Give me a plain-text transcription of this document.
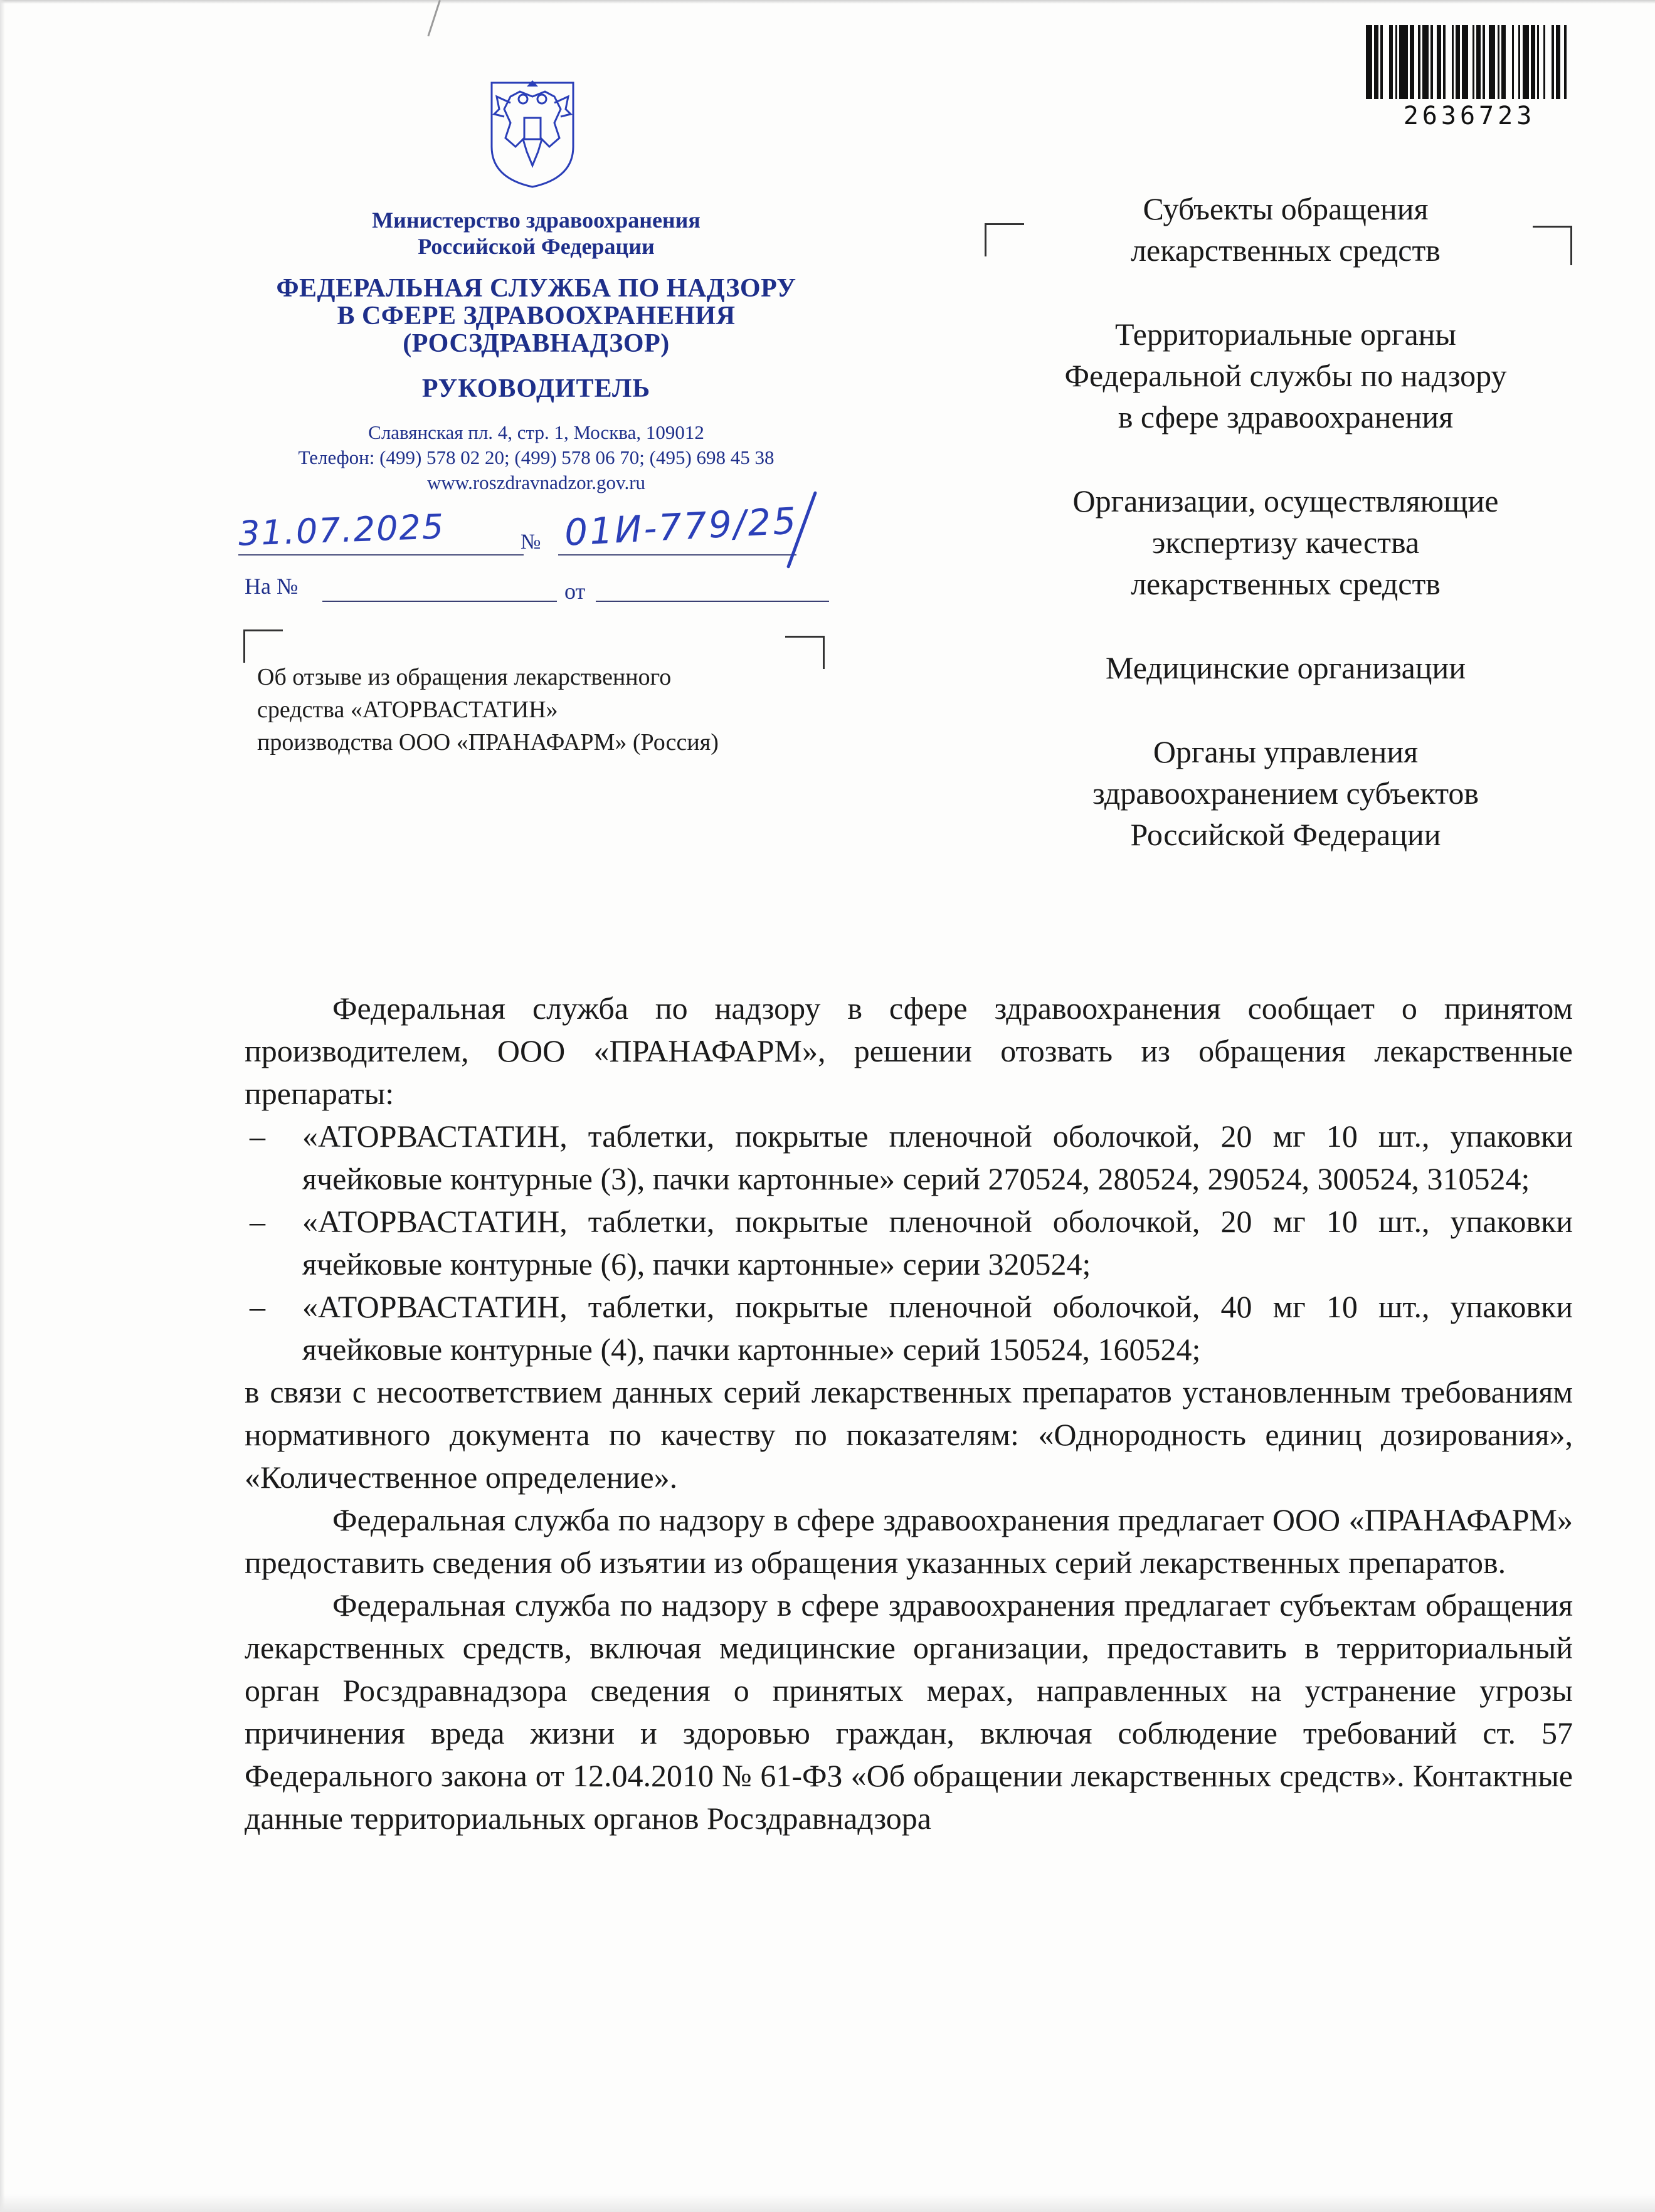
2636723
Министерство здравоохранения
Российской Федерации
ФЕДЕРАЛЬНАЯ СЛУЖБА ПО НАДЗОРУ
В СФЕРЕ ЗДРАВООХРАНЕНИЯ
(РОСЗДРАВНАДЗОР)
РУКОВОДИТЕЛЬ
Славянская пл. 4, стр. 1, Москва, 109012
Телефон: (499) 578 02 20; (499) 578 06 70; (495) 698 45 38
www.roszdravnadzor.gov.ru
31.07.2025	№ 01И-779/25
На №	от
Об отзыве из обращения лекарственного
средства «АТОРВАСТАТИН»
производства ООО «ПРАНАФАРМ» (Россия)
Субъекты обращения
лекарственных средств
Территориальные органы
Федеральной службы по надзору
в сфере здравоохранения
Организации, осуществляющие
экспертизу качества
лекарственных средств
Медицинские организации
Органы управления
здравоохранением субъектов
Российской Федерации

Федеральная служба по надзору в сфере здравоохранения сообщает о принятом производителем, ООО «ПРАНАФАРМ», решении отозвать из обращения лекарственные препараты:

– «АТОРВАСТАТИН, таблетки, покрытые пленочной оболочкой, 20 мг 10 шт., упаковки ячейковые контурные (3), пачки картонные» серий 270524, 280524, 290524, 300524, 310524;
– «АТОРВАСТАТИН, таблетки, покрытые пленочной оболочкой, 20 мг 10 шт., упаковки ячейковые контурные (6), пачки картонные» серии 320524;
– «АТОРВАСТАТИН, таблетки, покрытые пленочной оболочкой, 40 мг 10 шт., упаковки ячейковые контурные (4), пачки картонные» серий 150524, 160524;

в связи с несоответствием данных серий лекарственных препаратов установленным требованиям нормативного документа по качеству по показателям: «Однородность единиц дозирования», «Количественное определение».

Федеральная служба по надзору в сфере здравоохранения предлагает ООО «ПРАНАФАРМ» предоставить сведения об изъятии из обращения указанных серий лекарственных препаратов.

Федеральная служба по надзору в сфере здравоохранения предлагает субъектам обращения лекарственных средств, включая медицинские организации, предоставить в территориальный орган Росздравнадзора сведения о принятых мерах, направленных на устранение угрозы причинения вреда жизни и здоровью граждан, включая соблюдение требований ст. 57 Федерального закона от 12.04.2010 № 61-ФЗ «Об обращении лекарственных средств». Контактные данные территориальных органов Росздравнадзора
